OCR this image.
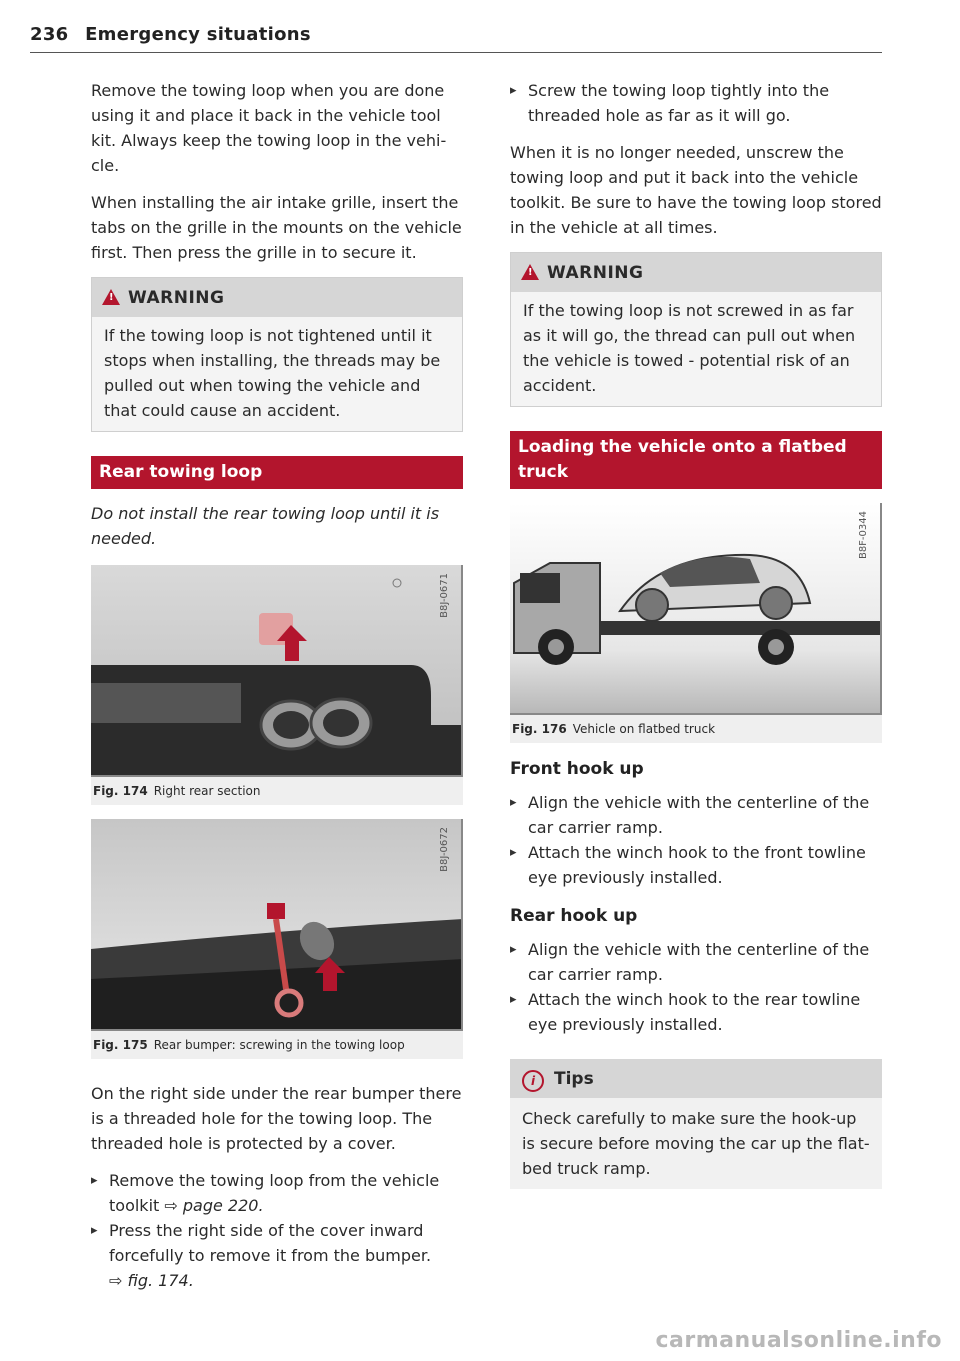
236 Emergency situations

Remove the towing loop when you are done using it and place it back in the vehicle tool kit. Always keep the towing loop in the vehi-cle.

When installing the air intake grille, insert the tabs on the grille in the mounts on the vehicle first. Then press the grille in to secure it.

!WARNING
If the towing loop is not tightened until it stops when installing, the threads may be pulled out when towing the vehicle and that could cause an accident.
Rear towing loop

Do not install the rear towing loop until it is needed.

B8J-0671
Fig. 174 Right rear section
B8J-0672
Fig. 175 Rear bumper: screwing in the towing loop

On the right side under the rear bumper there is a threaded hole for the towing loop. The threaded hole is protected by a cover.

▸ Remove the towing loop from the vehicle toolkit ⇨ page 220.
▸ Press the right side of the cover inward forcefully to remove it from the bumper.
⇨ fig. 174.
▸ Screw the towing loop tightly into the threaded hole as far as it will go.

When it is no longer needed, unscrew the towing loop and put it back into the vehicle toolkit. Be sure to have the towing loop stored in the vehicle at all times.

!WARNING
If the towing loop is not screwed in as far as it will go, the thread can pull out when the vehicle is towed - potential risk of an accident.
Loading the vehicle onto a flatbed truck
B8F-0344
Fig. 176 Vehicle on flatbed truck
Front hook up
▸ Align the vehicle with the centerline of the car carrier ramp.
▸ Attach the winch hook to the front towline eye previously installed.
Rear hook up
▸ Align the vehicle with the centerline of the car carrier ramp.
▸ Attach the winch hook to the rear towline eye previously installed.
i Tips
Check carefully to make sure the hook-up is secure before moving the car up the flat-bed truck ramp.
carmanualsonline.info
